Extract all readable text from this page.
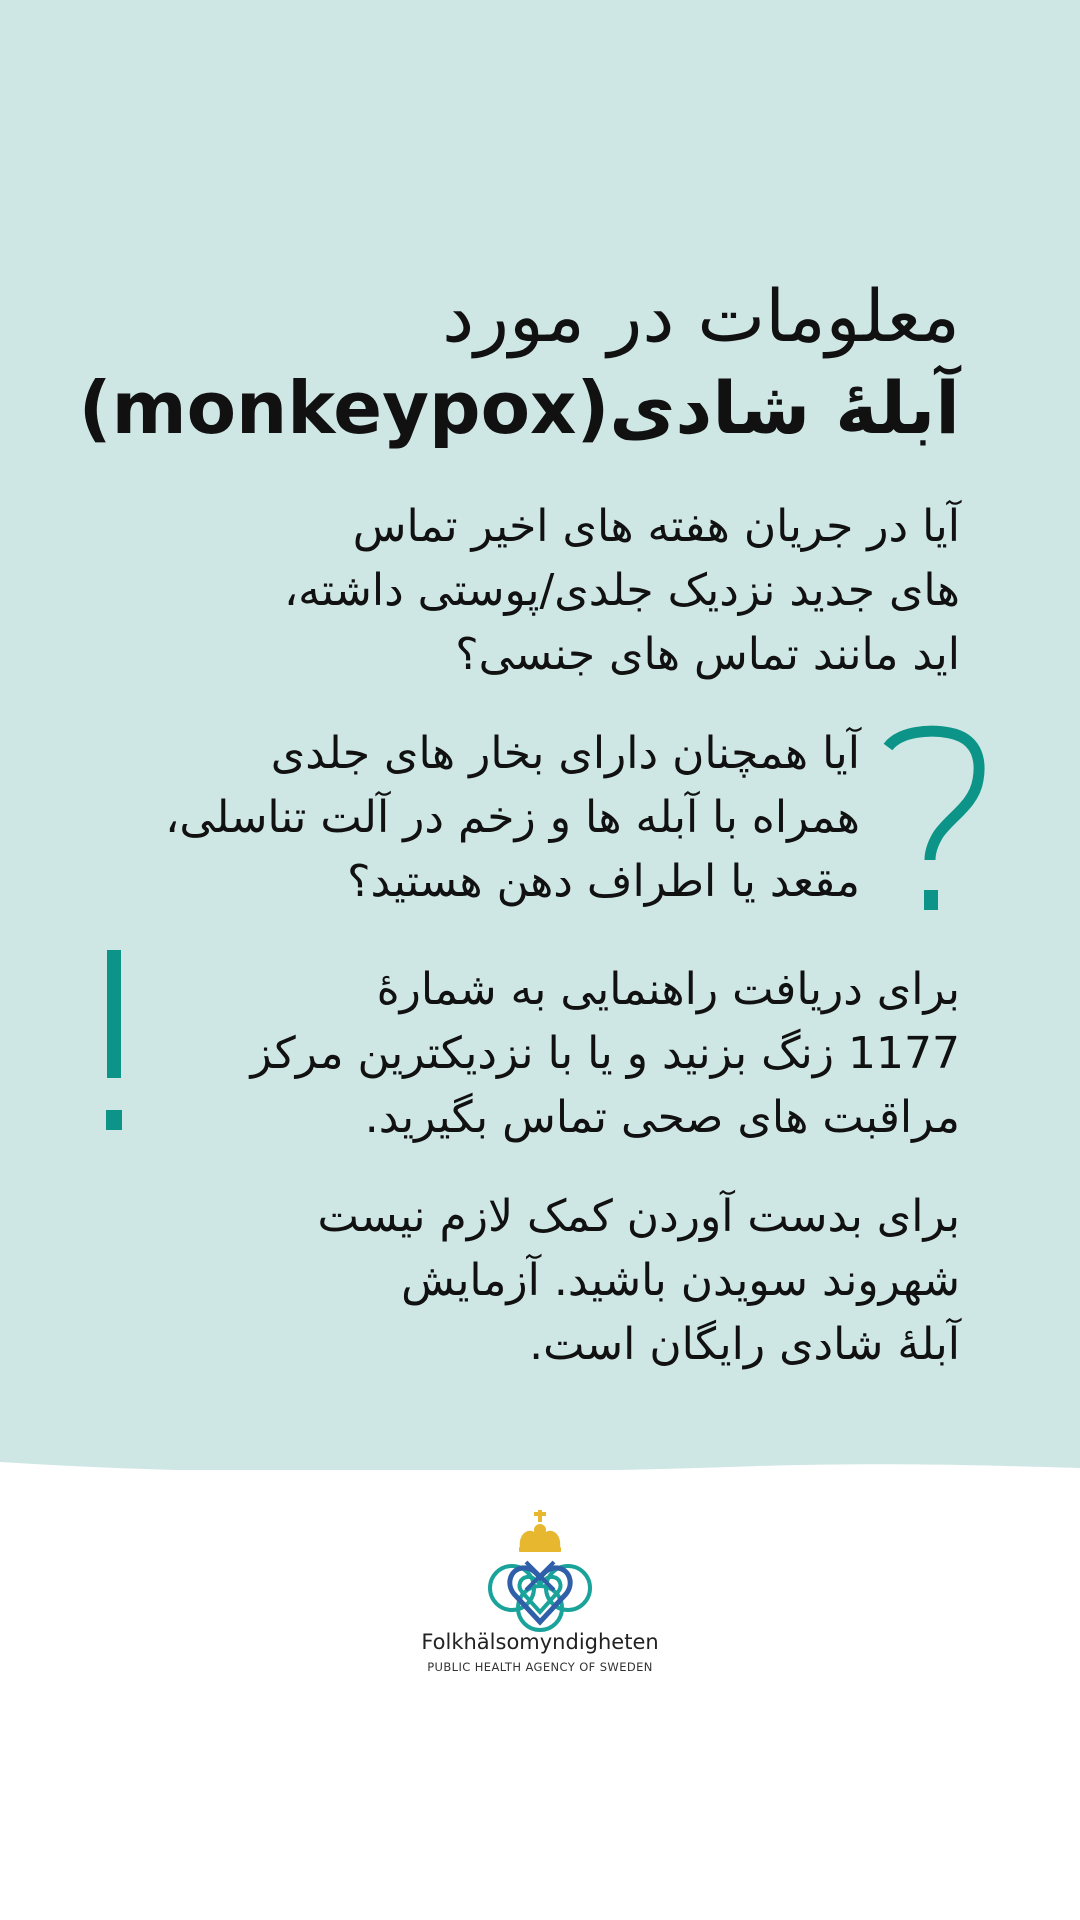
معلومات در مورد
آبلهٔ شادی(monkeypox)

آیا در جریان هفته های اخیر تماس
های جدید نزدیک جلدی/پوستی داشته،
اید مانند تماس های جنسی؟

آیا همچنان دارای بخار های جلدی
همراه با آبله ها و زخم در آلت تناسلی،
مقعد یا اطراف دهن هستید؟

برای دریافت راهنمایی به شمارهٔ
1177 زنگ بزنید و یا با نزدیکترین مرکز
مراقبت های صحی تماس بگیرید.

برای بدست آوردن کمک لازم نیست
شهروند سویدن باشید. آزمایش
آبلهٔ شادی رایگان است.

Folkhälsomyndigheten

PUBLIC HEALTH AGENCY OF SWEDEN
